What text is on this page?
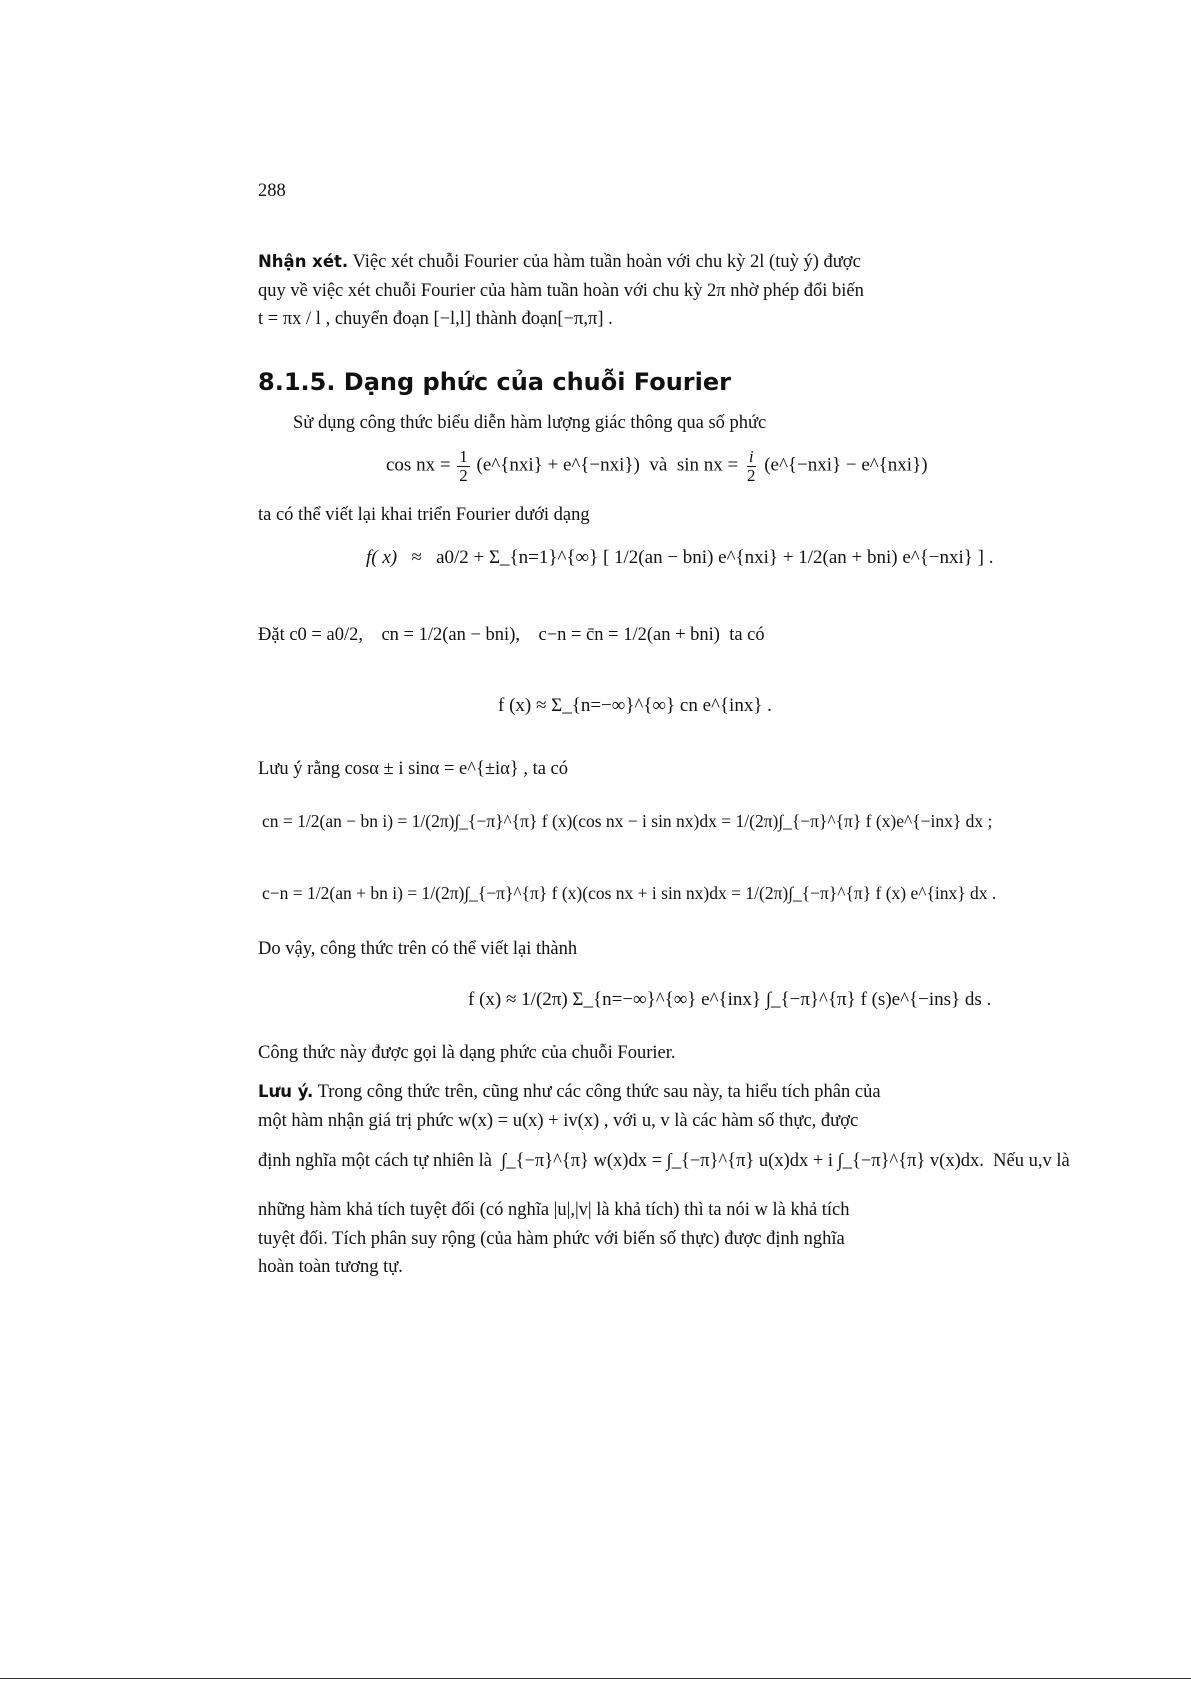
288
Nhận xét. Việc xét chuỗi Fourier của hàm tuần hoàn với chu kỳ 2l (tuỳ ý) được
quy về việc xét chuỗi Fourier của hàm tuần hoàn với chu kỳ 2π nhờ phép đổi biến
t = πx / l , chuyển đoạn [−l,l] thành đoạn[−π,π] .
8.1.5. Dạng phức của chuỗi Fourier
Sử dụng công thức biểu diễn hàm lượng giác thông qua số phức
cos nx = $\frac{1}{2}$ (e^{nxi} + e^{−nxi}) và sin nx = $\frac{i}{2}$ (e^{−nxi} − e^{nxi})
ta có thể viết lại khai triển Fourier dưới dạng
f( x)   ≈   a0/2 + Σ_{n=1}^{∞} [ 1/2(an − bni) e^{nxi} + 1/2(an + bni) e^{−nxi} ] .
Đặt c0 = a0/2, cn = 1/2(an − bni), c−n = c̄n = 1/2(an + bni) ta có
f (x) ≈ Σ_{n=−∞}^{∞} cn e^{inx} .
Lưu ý rằng cosα ± i sinα = e^{±iα} , ta có
cn = 1/2(an − bn i) = 1/(2π)∫_{−π}^{π} f (x)(cos nx − i sin nx)dx = 1/(2π)∫_{−π}^{π} f (x)e^{−inx} dx ;
c−n = 1/2(an + bn i) = 1/(2π)∫_{−π}^{π} f (x)(cos nx + i sin nx)dx = 1/(2π)∫_{−π}^{π} f (x) e^{inx} dx .
Do vậy, công thức trên có thể viết lại thành
f (x) ≈ 1/(2π) Σ_{n=−∞}^{∞} e^{inx} ∫_{−π}^{π} f (s)e^{−ins} ds .
Công thức này được gọi là dạng phức của chuỗi Fourier.
Lưu ý. Trong công thức trên, cũng như các công thức sau này, ta hiểu tích phân của
một hàm nhận giá trị phức w(x) = u(x) + iv(x) , với u, v là các hàm số thực, được
định nghĩa một cách tự nhiên là ∫_{−π}^{π} w(x)dx = ∫_{−π}^{π} u(x)dx + i ∫_{−π}^{π} v(x)dx. Nếu u,v là
những hàm khả tích tuyệt đối (có nghĩa |u|,|v| là khả tích) thì ta nói w là khả tích
tuyệt đối. Tích phân suy rộng (của hàm phức với biến số thực) được định nghĩa
hoàn toàn tương tự.
